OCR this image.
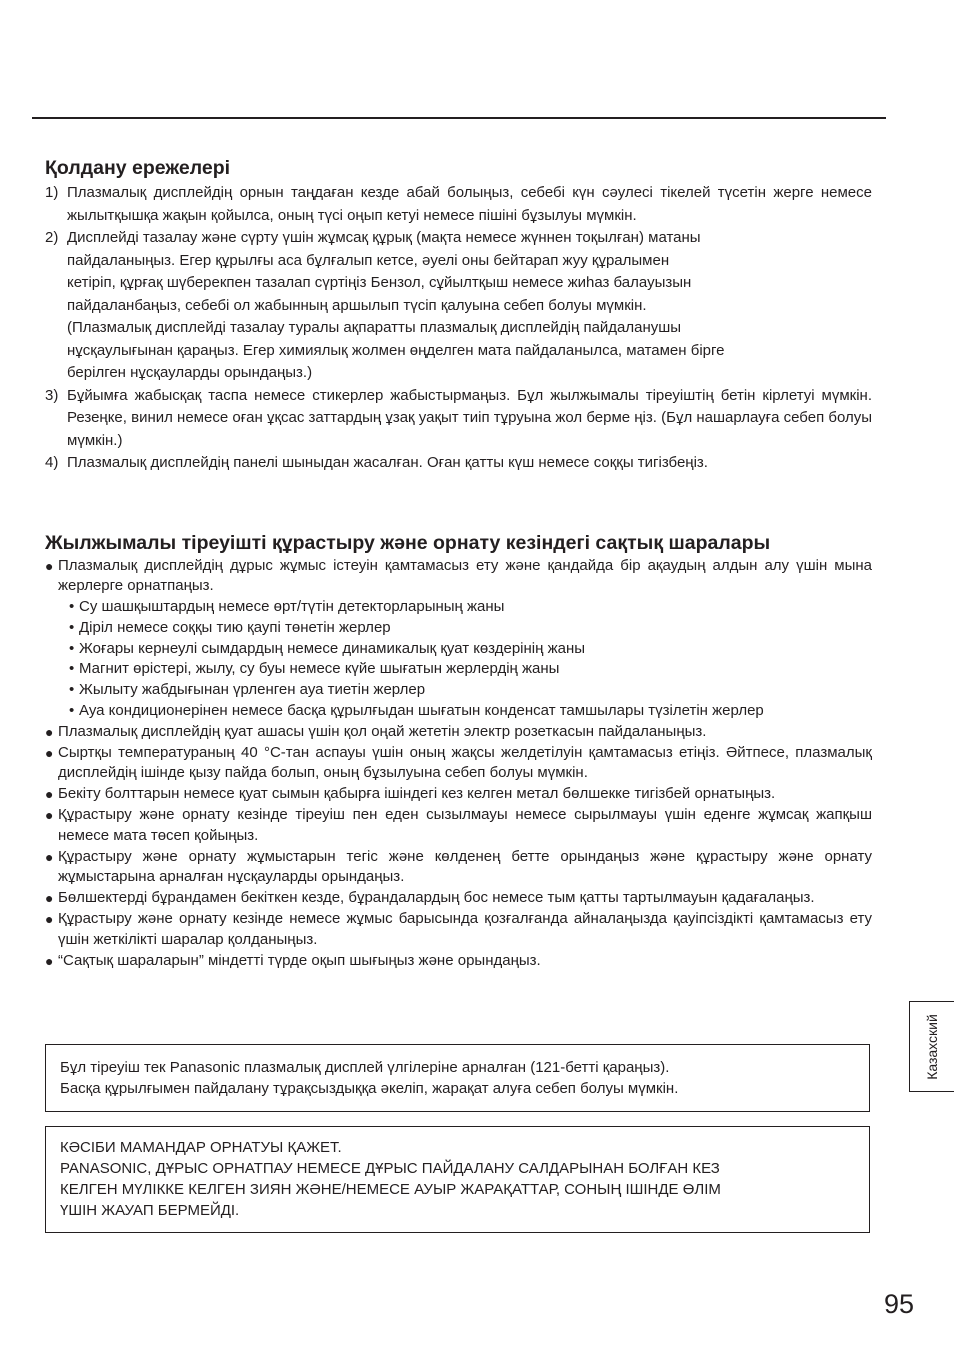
Қолдану ережелері
1) Плазмалық дисплейдің орнын таңдаған кезде абай болыңыз, себебі күн сәулесі тікелей түсетін жерге немесе жылытқышқа жақын қойылса, оның түсі оңып кетуі немесе пішіні бұзылуы мүмкін.
2) Дисплейді тазалау және сүрту үшін жұмсақ құрық (мақта немесе жүннен тоқылған) матаны
пайдаланыңыз. Егер құрылғы аса бұлғалып кетсе, әуелі оны бейтарап жуу құралымен
кетіріп, құрғақ шүберекпен тазалап сүртіңіз Бензол, сұйылтқыш немесе жиһаз балауызын
пайдаланбаңыз, себебі ол жабынның аршылып түсіп қалуына себеп болуы мүмкін.
(Плазмалық дисплейді тазалау туралы ақпаратты плазмалық дисплейдің пайдаланушы
нұсқаулығынан қараңыз. Егер химиялық жолмен өңделген мата пайдаланылса, матамен бірге
берілген нұсқауларды орындаңыз.)
3) Бұйымға жабысқақ таспа немесе стикерлер жабыстырмаңыз. Бұл жылжымалы тіреуіштің бетін кірлетуі мүмкін. Резеңке, винил немесе оған ұқсас заттардың ұзақ уақыт тиіп тұруына жол берме ңіз. (Бұл нашарлауға себеп болуы мүмкін.)
4) Плазмалық дисплейдің панелі шыныдан жасалған. Оған қатты күш немесе соққы тигізбеңіз.
Жылжымалы тіреуішті құрастыру және орнату кезіндегі сақтық шаралары
● Плазмалық дисплейдің дұрыс жұмыс істеуін қамтамасыз ету және қандайда бір ақаудың алдын алу үшін мына жерлерге орнатпаңыз.
• Су шашқыштардың немесе өрт/түтін детекторларының жаны
• Діріл немесе соққы тию қаупі төнетін жерлер
• Жоғары кернеулі сымдардың немесе динамикалық қуат көздерінің жаны
• Магнит өрістері, жылу, су буы немесе күйе шығатын жерлердің жаны
• Жылыту жабдығынан үрленген ауа тиетін жерлер
• Ауа кондиционерінен немесе басқа құрылғыдан шығатын конденсат тамшылары түзілетін жерлер
● Плазмалық дисплейдің қуат ашасы үшін қол оңай жететін электр розеткасын пайдаланыңыз.
● Сыртқы температураның 40 °C-тан аспауы үшін оның жақсы желдетілуін қамтамасыз етіңіз. Әйтпесе, плазмалық дисплейдің ішінде қызу пайда болып, оның бұзылуына себеп болуы мүмкін.
● Бекіту болттарын немесе қуат сымын қабырға ішіндегі кез келген метал бөлшекке тигізбей орнатыңыз.
● Құрастыру және орнату кезінде тіреуіш пен еден сызылмауы немесе сырылмауы үшін еденге жұмсақ жапқыш немесе мата төсеп қойыңыз.
● Құрастыру және орнату жұмыстарын тегіс және көлденең бетте орындаңыз және құрастыру және орнату жұмыстарына арналған нұсқауларды орындаңыз.
● Бөлшектерді бұрандамен бекіткен кезде, бұрандалардың бос немесе тым қатты тартылмауын қадағалаңыз.
● Құрастыру және орнату кезінде немесе жұмыс барысында қозғалғанда айналаңызда қауіпсіздікті қамтамасыз ету үшін жеткілікті шаралар қолданыңыз.
● “Сақтық шараларын” міндетті түрде оқып шығыңыз және орындаңыз.
Бұл тіреуіш тек Panasonic плазмалық дисплей үлгілеріне арналған (121-бетті қараңыз).
Басқа құрылғымен пайдалану тұрақсыздыққа әкеліп, жарақат алуға себеп болуы мүмкін.
КӘСІБИ МАМАНДАР ОРНАТУЫ ҚАЖЕТ.
PANASONIC, ДҰРЫС ОРНАТПАУ НЕМЕСЕ ДҰРЫС ПАЙДАЛАНУ САЛДАРЫНАН БОЛҒАН КЕЗ
КЕЛГЕН МҮЛІККЕ КЕЛГЕН ЗИЯН ЖӘНЕ/НЕМЕСЕ АУЫР ЖАРАҚАТТАР, СОНЫҢ ІШІНДЕ ӨЛІМ
ҮШІН ЖАУАП БЕРМЕЙДІ.
Казахский
95
